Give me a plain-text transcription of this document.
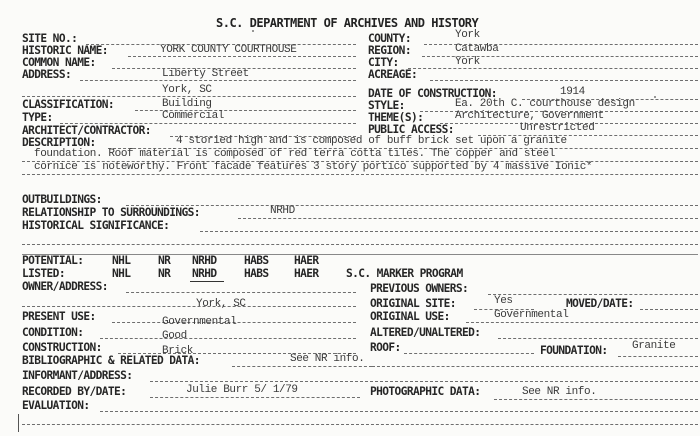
S.C. DEPARTMENT OF ARCHIVES AND HISTORY
SITE NO.:
HISTORIC NAME:	YORK COUNTY COURTHOUSE
COMMON NAME:
ADDRESS:	Liberty Street
York, SC
CLASSIFICATION:	Building
TYPE:	Commercial
ARCHITECT/CONTRACTOR:
COUNTY:	York
REGION:	Catawba
CITY:	York
ACREAGE:
DATE OF CONSTRUCTION:	1914
STYLE:	Ea. 20th C. courthouse design
THEME(S):	Architecture, Government
PUBLIC ACCESS:	Unrestricted
DESCRIPTION:	4 storied high and is composed of buff brick set upon a granite
foundation. Roof material is composed of red terra cotta tiles. The copper and steel
cornice is noteworthy. Front facade features 3 story portico supported by 4 massive Ionic*
OUTBUILDINGS:
RELATIONSHIP TO SURROUNDINGS:	NRHD
HISTORICAL SIGNIFICANCE:
POTENTIAL:	NHL NR NRHD HABS HAER
LISTED:	NHL NR NRHD HABS HAER S.C. MARKER PROGRAM
OWNER/ADDRESS:
York, SC
PREVIOUS OWNERS:
ORIGINAL SITE:	Yes	MOVED/DATE:
PRESENT USE:	Governmental	ORIGINAL USE:	Governmental
CONDITION:	Good	ALTERED/UNALTERED:
CONSTRUCTION:	Brick	ROOF:	FOUNDATION: Granite
BIBLIOGRAPHIC & RELATED DATA:	See NR info.
INFORMANT/ADDRESS:
RECORDED BY/DATE:	Julie Burr 5/ 1/79	PHOTOGRAPHIC DATA:	See NR info.
EVALUATION:
